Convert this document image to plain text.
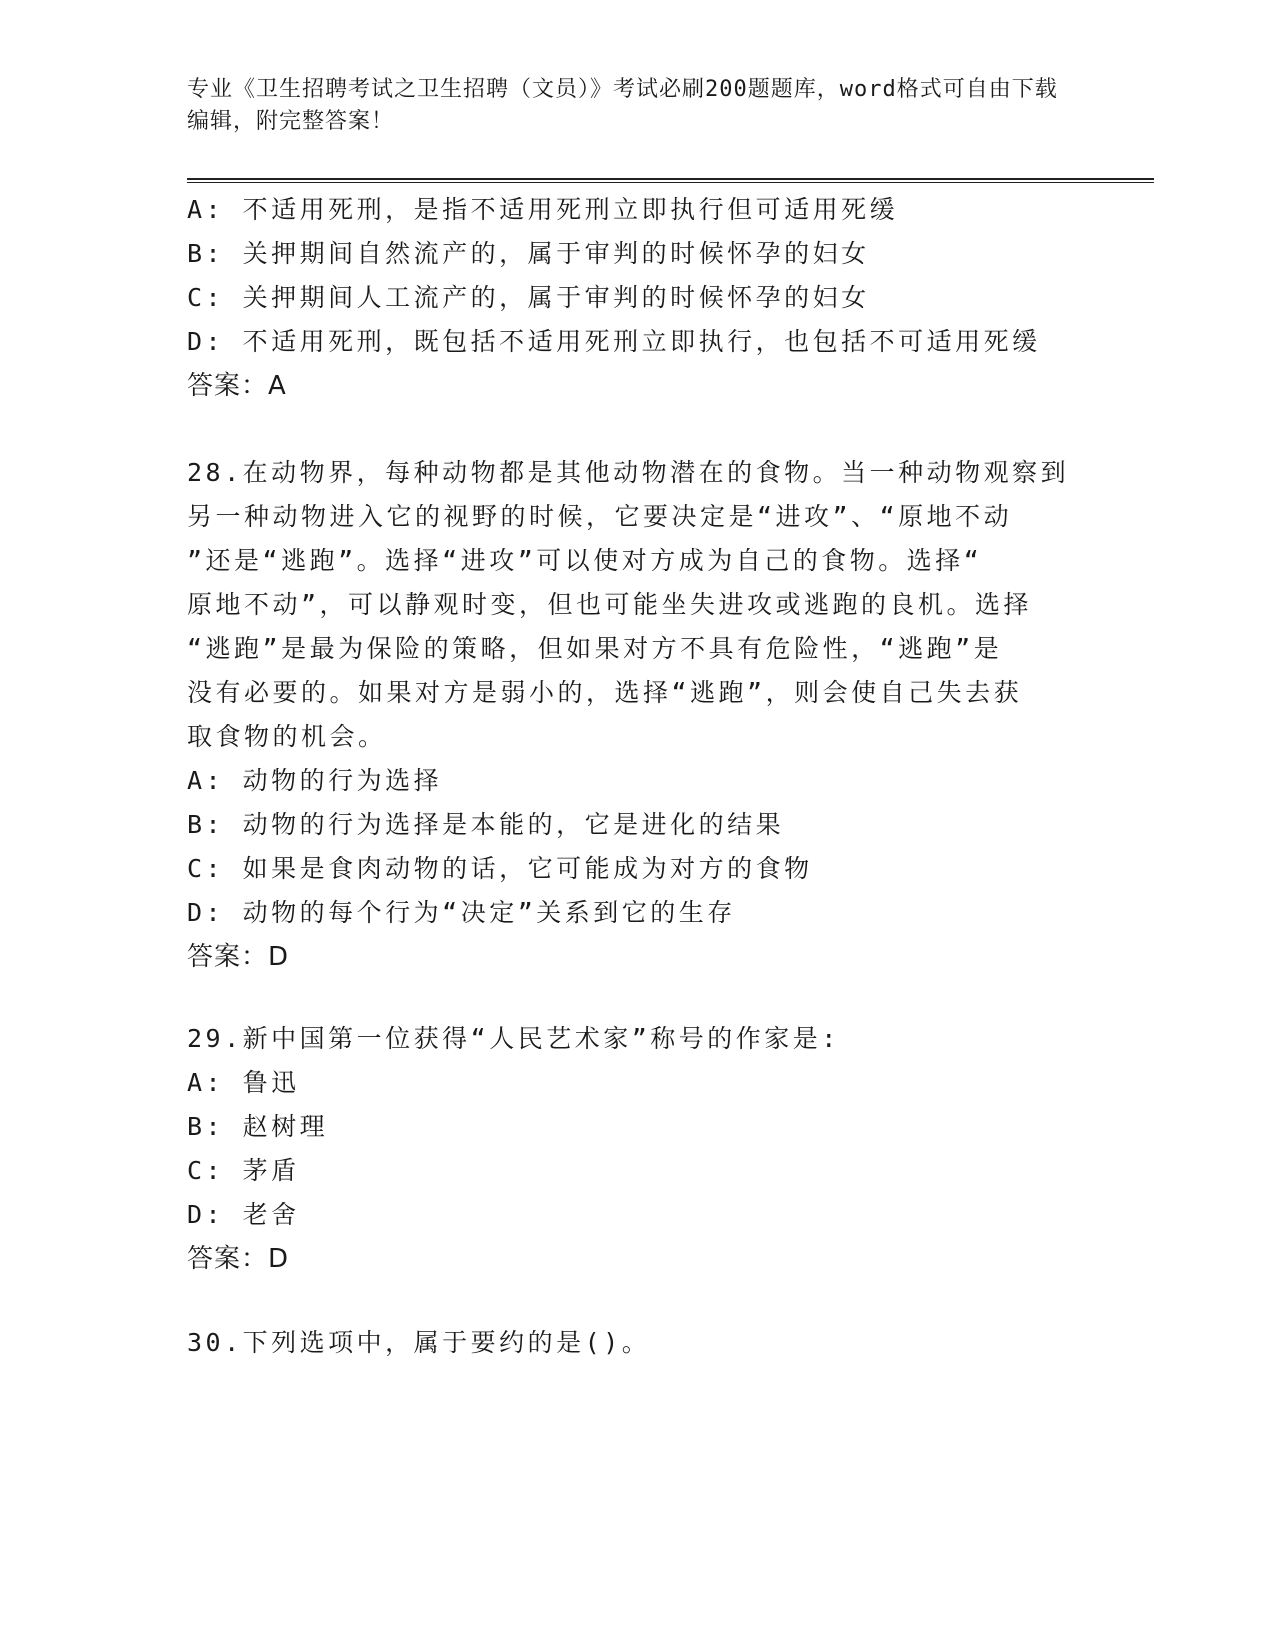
专业《卫生招聘考试之卫生招聘（文员）》考试必刷200题题库，word格式可自由下载编辑，附完整答案！
A: 不适用死刑，是指不适用死刑立即执行但可适用死缓
B: 关押期间自然流产的，属于审判的时候怀孕的妇女
C: 关押期间人工流产的，属于审判的时候怀孕的妇女
D: 不适用死刑，既包括不适用死刑立即执行，也包括不可适用死缓
答案：A
28.在动物界，每种动物都是其他动物潜在的食物。当一种动物观察到
另一种动物进入它的视野的时候，它要决定是“进攻”、“原地不动
”还是“逃跑”。选择“进攻”可以使对方成为自己的食物。选择“
原地不动”，可以静观时变，但也可能坐失进攻或逃跑的良机。选择
“逃跑”是最为保险的策略，但如果对方不具有危险性，“逃跑”是
没有必要的。如果对方是弱小的，选择“逃跑”，则会使自己失去获
取食物的机会。
A: 动物的行为选择
B: 动物的行为选择是本能的，它是进化的结果
C: 如果是食肉动物的话，它可能成为对方的食物
D: 动物的每个行为“决定”关系到它的生存
答案：D
29.新中国第一位获得“人民艺术家”称号的作家是:
A: 鲁迅
B: 赵树理
C: 茅盾
D: 老舍
答案：D
30.下列选项中，属于要约的是()。
